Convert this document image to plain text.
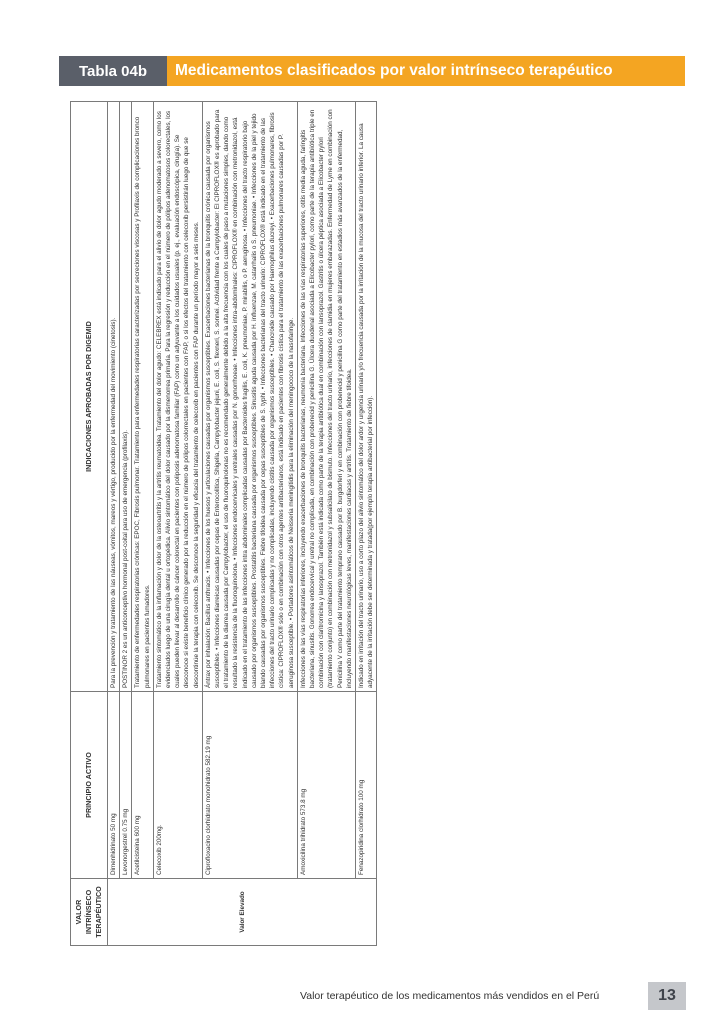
Tabla 04b	Medicamentos clasificados por valor intrínseco terapéutico
VALOR INTRÍNSECO TERAPÉUTICO	PRINCIPIO ACTIVO	INDICACIONES APROBADAS POR DIGEMID
Valor Elevado	Dimenhidrinato 50 mg	Para la prevención y tratamiento de las náuseas, vómitos, mareos y vértigo, producido por la enfermedad del movimiento (cinetosis).
	Levonorgestrel 0.75 mg	POSTINOR 2 es un anticonceptivo hormonal post-coital para uso de emergencia (profilaxis).
	Acetilcisteina 600 mg	Tratamiento de enfermedades respiratorias crónicas: EPOC, Fibrosis pulmonar. Tratamiento para enfermedades respiratorias caracterizadas por secreciones viscosas y Profilaxis de complicaciones bronco pulmonares en pacientes fumadores.
	Celecoxib 200mg.	Tratamiento sintomático de la inflamación y dolor de la osteoartritis y la artritis reumatoidea. Tratamiento del dolor agudo: CELEBREX está indicado para el alivio de dolor agudo moderado a severo, como los evidenciados luego de una cirugía dental u ortopédica. Alivio sintomático del dolor causado por la dismenorrea primaria. Para la regresión y reducción en el número de pólipos adenomatosos colorectales, los cuales pueden llevar al desarrollo de cáncer colorectal en pacientes con poliposis adenomatosa familiar (FAP) como un adyuvante a los cuidados usuales (p. ej., evaluación endoscópica, cirugía). Se desconoce si existe beneficio clínico generado por la reducción en el número de pólipos colorrectales en pacientes con FAP, o si los efectos del tratamiento con celecoxib persistirán luego de que se descontinúe la terapia con celecoxib. Se desconoce la seguridad y eficacia del tratamiento de celecoxib en pacientes con FAP durante un período mayor a seis meses.
	Ciprofloxacino clorhidrato monohidrato 582.19 mg	Ántrax por inhalación: Bacillus anthracis. • Infecciones de los huesos y articulaciones causadas por organismos susceptibles. Exacerbaciones bacterianas de la bronquitis crónica causada por organismos susceptibles. • Infecciones diarreicas causadas por cepas de Enterocolitica, Shigella, Campylobacter jejuni, E. coli, S. flexneri, S. sonnei. Actividad frente a Campylobacter: El CIPROFLOX® es aprobado para el tratamiento de la diarrea causada por Campylobacter, el uso de fluoroquinolonas no es recomendado generalmente debido a la alta frecuencia con los cuales de paso a mutaciones simples, dando como resultado la resistencia de la fluoroquinolona. • Infecciones endocervicales y uretrales causadas por N. gonorrhoeae. • Infecciones intra-abdominales: CIPROFLOX® en combinación con metronidazol, está indicado en el tratamiento de las infecciones intra abdominales complicadas causadas por Bacteroides fragilis, E. coli, K. pneumoniae, P. mirabilis, o P. aeruginosa. • Infecciones del tracto respiratorio bajo causado por organismos susceptibles. Prostatitis bacteriana causada por organismos susceptibles. Sinusitis aguda causada por H. influenzae, M. catarrhalis o S. pneumoniae. • Infecciones de la piel y tejido blando causadas por organismos susceptibles. Fiebre tifoidea causada por cepas susceptibles de S. typhi. • Infecciones bacterianas del tracto urinario: CIPROFLOX® está indicado en el tratamiento de las infecciones del tracto urinario complicadas y no complicadas, incluyendo cistitis causada por organismos susceptibles. • Chancroide causado por Haemophilus ducreyi. • Exacerbaciones pulmonares, fibrosis cística: CIPROFLOX® sólo o en combinación con otros agentes antibacterianos, está indicado en pacientes con fibrosis cística para el tratamiento de las exacerbaciones pulmonares causadas por P. aeruginosa susceptible. • Portadores asintomáticos de Neisseria meningitidis para la eliminación del meningococo de la nasofaringe.
	Amoxicilina trihidrato 573.8 mg	Infecciones de las vías respiratorias inferiores, incluyendo exacerbaciones de bronquitis bacterianas, neumonía bacteriana. Infecciones de las vías respiratorias superiores, otitis media aguda, faringitis bacteriana, sinusitis. Gonorrea endocervical y uretral no complicada, en combinación con probenecid y penicilina G. Úlcera duodenal asociada a Elicobacter pylori, como parte de la terapia antibiótica triple en combinación con claritromicina y lansoprazol. También está indicada como parte de la terapia antibiótica dual en combinación con lansoprazol. Gastritis o úlcera péptica asociada a Elicobacter pylori (tratamiento conjunto) en combinación con metronidazol y subsalicilato de bismuto. Infecciones del tracto urinario, infecciones de clamidia en mujeres embarazadas. Enfermedad de Lyme en combinación con Penicilina V como parte del tratamiento temprano causado por B. burgdorferi y en combinación con probenecid y penicilina G como parte del tratamiento en estadios más avanzados de la enfermedad, incluyendo manifestaciones neurológicas leves, manifestaciones cardiacas y artritis. Tratamiento de fiebre tifoidea.
	Fenazopiridina clorhidrato 100 mg	Indicado en irritación del tracto urinario, uso a corto plazo del alivio sintomático del dolor ardor y urgencia urinaria y/o frecuencia causada por la irritación de la mucosa del tracto urinario inferior. La causa adyacente de la irritación debe ser determinada y tratada(por ejemplo terapia antibacterial por infección).
Valor terapéutico de los medicamentos más vendidos en el Perú	13
